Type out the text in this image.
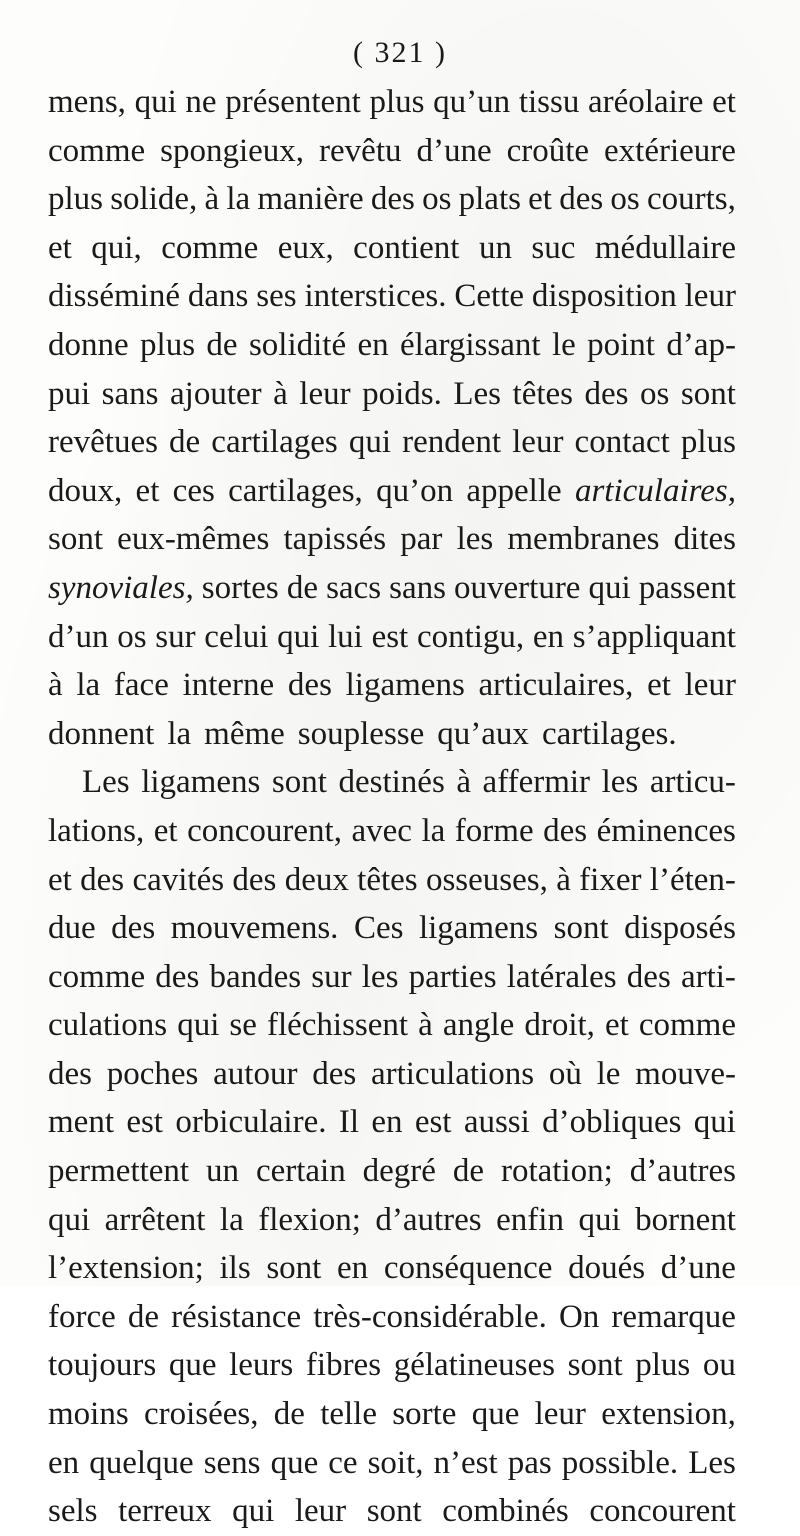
( 321 )
mens, qui ne présentent plus qu’un tissu aréolaire et
comme spongieux, revêtu d’une croûte extérieure
plus solide, à la manière des os plats et des os courts,
et qui, comme eux, contient un suc médullaire
disséminé dans ses interstices. Cette disposition leur
donne plus de solidité en élargissant le point d’ap-
pui sans ajouter à leur poids. Les têtes des os sont
revêtues de cartilages qui rendent leur contact plus
doux, et ces cartilages, qu’on appelle articulaires,
sont eux-mêmes tapissés par les membranes dites
synoviales, sortes de sacs sans ouverture qui passent
d’un os sur celui qui lui est contigu, en s’appliquant
à la face interne des ligamens articulaires, et leur
donnent la même souplesse qu’aux cartilages.
Les ligamens sont destinés à affermir les articu-
lations, et concourent, avec la forme des éminences
et des cavités des deux têtes osseuses, à fixer l’éten-
due des mouvemens. Ces ligamens sont disposés
comme des bandes sur les parties latérales des arti-
culations qui se fléchissent à angle droit, et comme
des poches autour des articulations où le mouve-
ment est orbiculaire. Il en est aussi d’obliques qui
permettent un certain degré de rotation; d’autres
qui arrêtent la flexion; d’autres enfin qui bornent
l’extension; ils sont en conséquence doués d’une
force de résistance très-considérable. On remarque
toujours que leurs fibres gélatineuses sont plus ou
moins croisées, de telle sorte que leur extension,
en quelque sens que ce soit, n’est pas possible. Les
sels terreux qui leur sont combinés concourent
